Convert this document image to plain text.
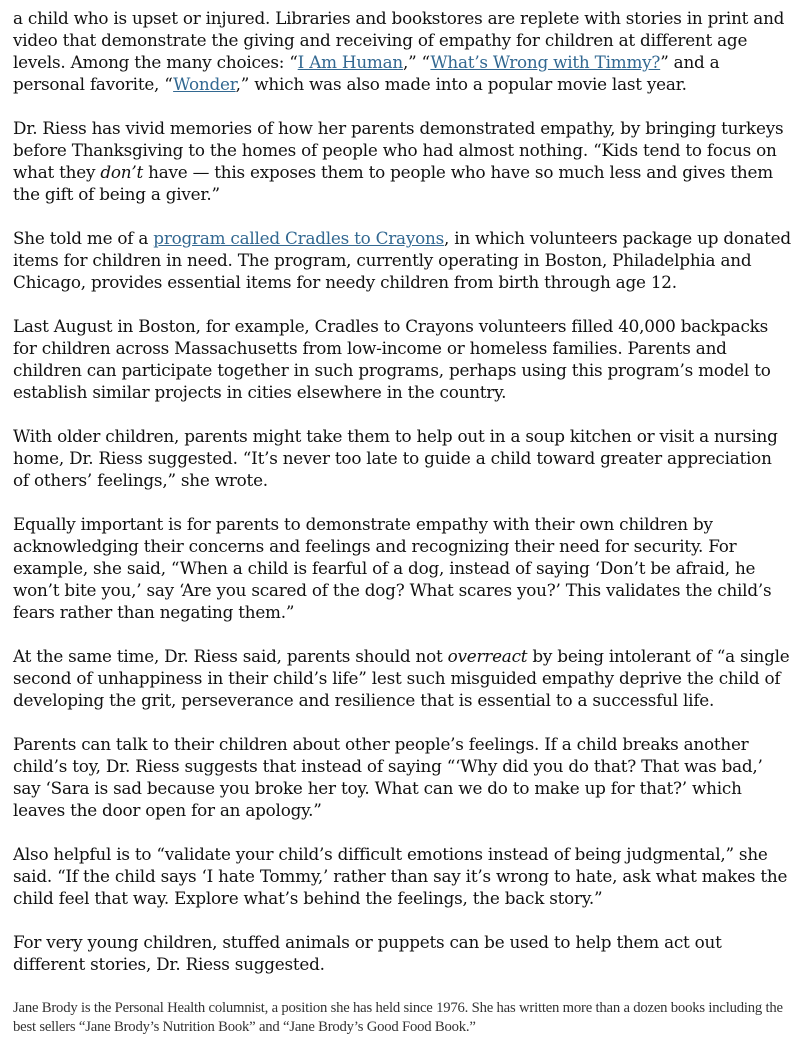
a child who is upset or injured. Libraries and bookstores are replete with stories in print and video that demonstrate the giving and receiving of empathy for children at different age levels. Among the many choices: “I Am Human,” “What’s Wrong with Timmy?” and a personal favorite, “Wonder,” which was also made into a popular movie last year.

Dr. Riess has vivid memories of how her parents demonstrated empathy, by bringing turkeys before Thanksgiving to the homes of people who had almost nothing. “Kids tend to focus on what they don’t have — this exposes them to people who have so much less and gives them the gift of being a giver.”

She told me of a program called Cradles to Crayons, in which volunteers package up donated items for children in need. The program, currently operating in Boston, Philadelphia and Chicago, provides essential items for needy children from birth through age 12.

Last August in Boston, for example, Cradles to Crayons volunteers filled 40,000 backpacks for children across Massachusetts from low-income or homeless families. Parents and children can participate together in such programs, perhaps using this program’s model to establish similar projects in cities elsewhere in the country.

With older children, parents might take them to help out in a soup kitchen or visit a nursing home, Dr. Riess suggested. “It’s never too late to guide a child toward greater appreciation of others’ feelings,” she wrote.

Equally important is for parents to demonstrate empathy with their own children by acknowledging their concerns and feelings and recognizing their need for security. For example, she said, “When a child is fearful of a dog, instead of saying ‘Don’t be afraid, he won’t bite you,’ say ‘Are you scared of the dog? What scares you?’ This validates the child’s fears rather than negating them.”

At the same time, Dr. Riess said, parents should not overreact by being intolerant of “a single second of unhappiness in their child’s life” lest such misguided empathy deprive the child of developing the grit, perseverance and resilience that is essential to a successful life.

Parents can talk to their children about other people’s feelings. If a child breaks another child’s toy, Dr. Riess suggests that instead of saying “‘Why did you do that? That was bad,’ say ‘Sara is sad because you broke her toy. What can we do to make up for that?’ which leaves the door open for an apology.”

Also helpful is to “validate your child’s difficult emotions instead of being judgmental,” she said. “If the child says ‘I hate Tommy,’ rather than say it’s wrong to hate, ask what makes the child feel that way. Explore what’s behind the feelings, the back story.”

For very young children, stuffed animals or puppets can be used to help them act out different stories, Dr. Riess suggested.

Jane Brody is the Personal Health columnist, a position she has held since 1976. She has written more than a dozen books including the best sellers “Jane Brody’s Nutrition Book” and “Jane Brody’s Good Food Book.”
